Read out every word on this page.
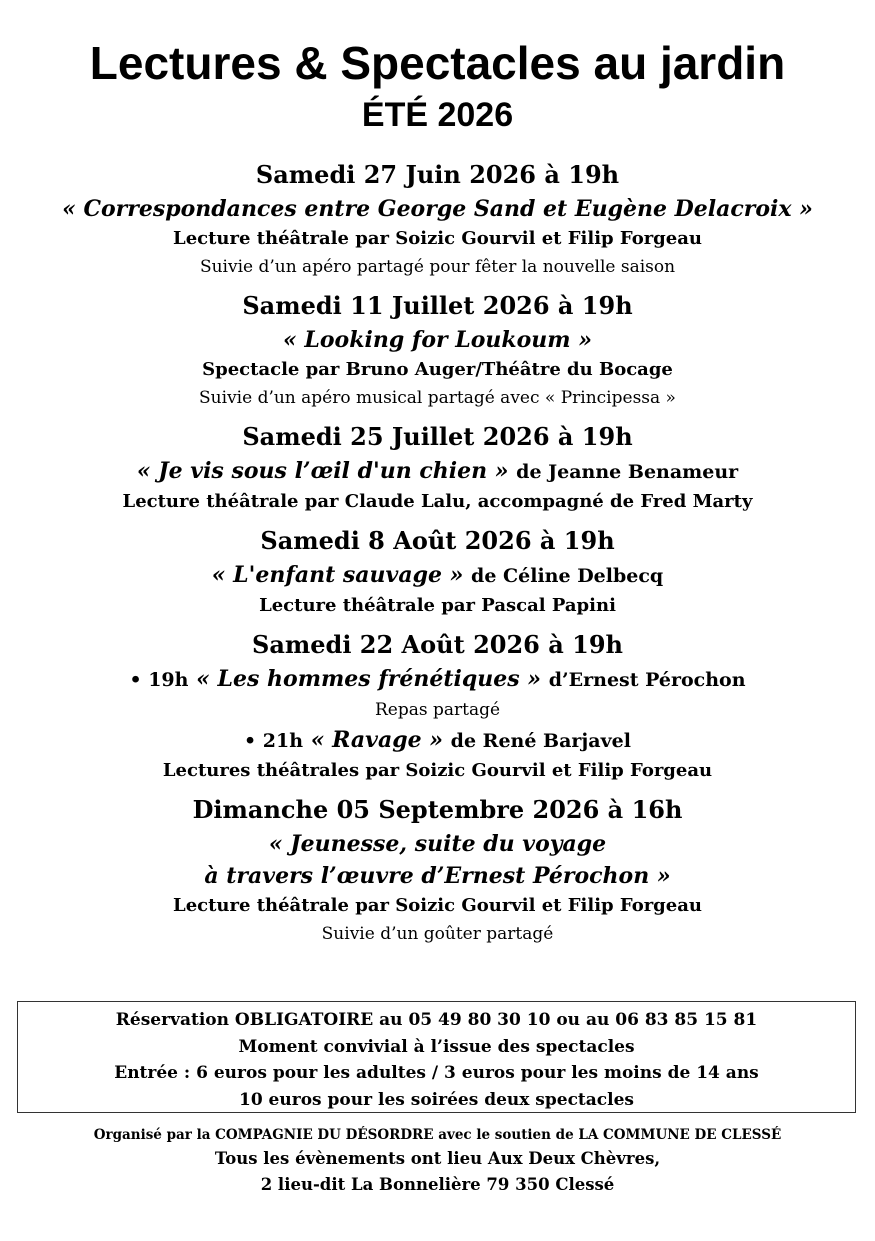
Lectures & Spectacles au jardin
ÉTÉ 2026
Samedi 27 Juin 2026 à 19h
« Correspondances entre George Sand et Eugène Delacroix »
Lecture théâtrale par Soizic Gourvil et Filip Forgeau
Suivie d’un apéro partagé pour fêter la nouvelle saison
Samedi 11 Juillet 2026 à 19h
« Looking for Loukoum »
Spectacle par Bruno Auger/Théâtre du Bocage
Suivie d’un apéro musical partagé avec « Principessa »
Samedi 25 Juillet 2026 à 19h
« Je vis sous l’œil d'un chien » de Jeanne Benameur
Lecture théâtrale par Claude Lalu, accompagné de Fred Marty
Samedi 8 Août 2026 à 19h
« L'enfant sauvage » de Céline Delbecq
Lecture théâtrale par Pascal Papini
Samedi 22 Août 2026 à 19h
• 19h « Les hommes frénétiques » d’Ernest Pérochon
Repas partagé
• 21h « Ravage » de René Barjavel
Lectures théâtrales par Soizic Gourvil et Filip Forgeau
Dimanche 05 Septembre 2026 à 16h
« Jeunesse, suite du voyage
à travers l’œuvre d’Ernest Pérochon »
Lecture théâtrale par Soizic Gourvil et Filip Forgeau
Suivie d’un goûter partagé
Réservation OBLIGATOIRE au 05 49 80 30 10 ou au 06 83 85 15 81
Moment convivial à l’issue des spectacles
Entrée : 6 euros pour les adultes / 3 euros pour les moins de 14 ans
10 euros pour les soirées deux spectacles
Organisé par la COMPAGNIE DU DÉSORDRE avec le soutien de LA COMMUNE DE CLESSÉ
Tous les évènements ont lieu Aux Deux Chèvres,
2 lieu-dit La Bonnelière 79 350 Clessé
